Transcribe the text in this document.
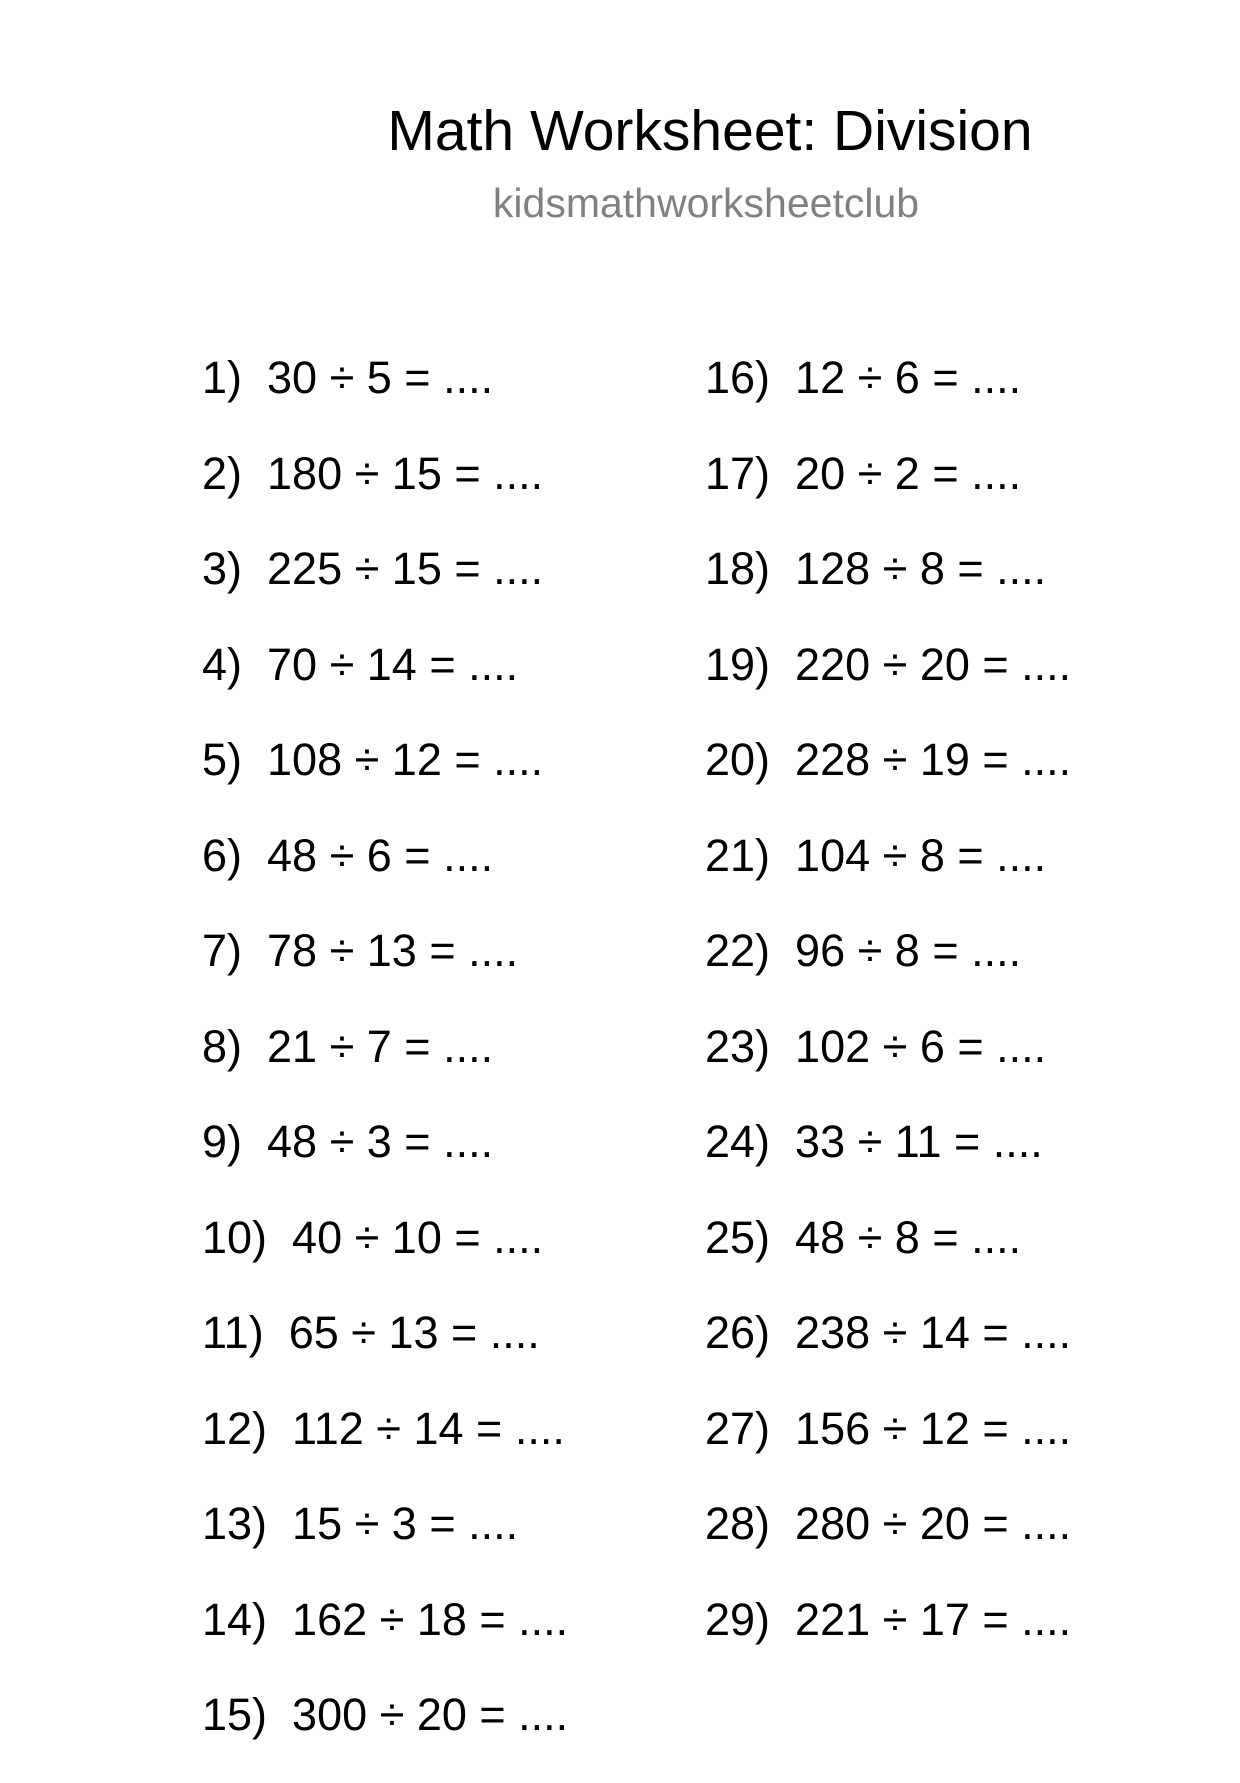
Math Worksheet: Division
kidsmathworksheetclub
1) 30 ÷ 5 = ....
2) 180 ÷ 15 = ....
3) 225 ÷ 15 = ....
4) 70 ÷ 14 = ....
5) 108 ÷ 12 = ....
6) 48 ÷ 6 = ....
7) 78 ÷ 13 = ....
8) 21 ÷ 7 = ....
9) 48 ÷ 3 = ....
10) 40 ÷ 10 = ....
11) 65 ÷ 13 = ....
12) 112 ÷ 14 = ....
13) 15 ÷ 3 = ....
14) 162 ÷ 18 = ....
15) 300 ÷ 20 = ....
16) 12 ÷ 6 = ....
17) 20 ÷ 2 = ....
18) 128 ÷ 8 = ....
19) 220 ÷ 20 = ....
20) 228 ÷ 19 = ....
21) 104 ÷ 8 = ....
22) 96 ÷ 8 = ....
23) 102 ÷ 6 = ....
24) 33 ÷ 11 = ....
25) 48 ÷ 8 = ....
26) 238 ÷ 14 = ....
27) 156 ÷ 12 = ....
28) 280 ÷ 20 = ....
29) 221 ÷ 17 = ....
